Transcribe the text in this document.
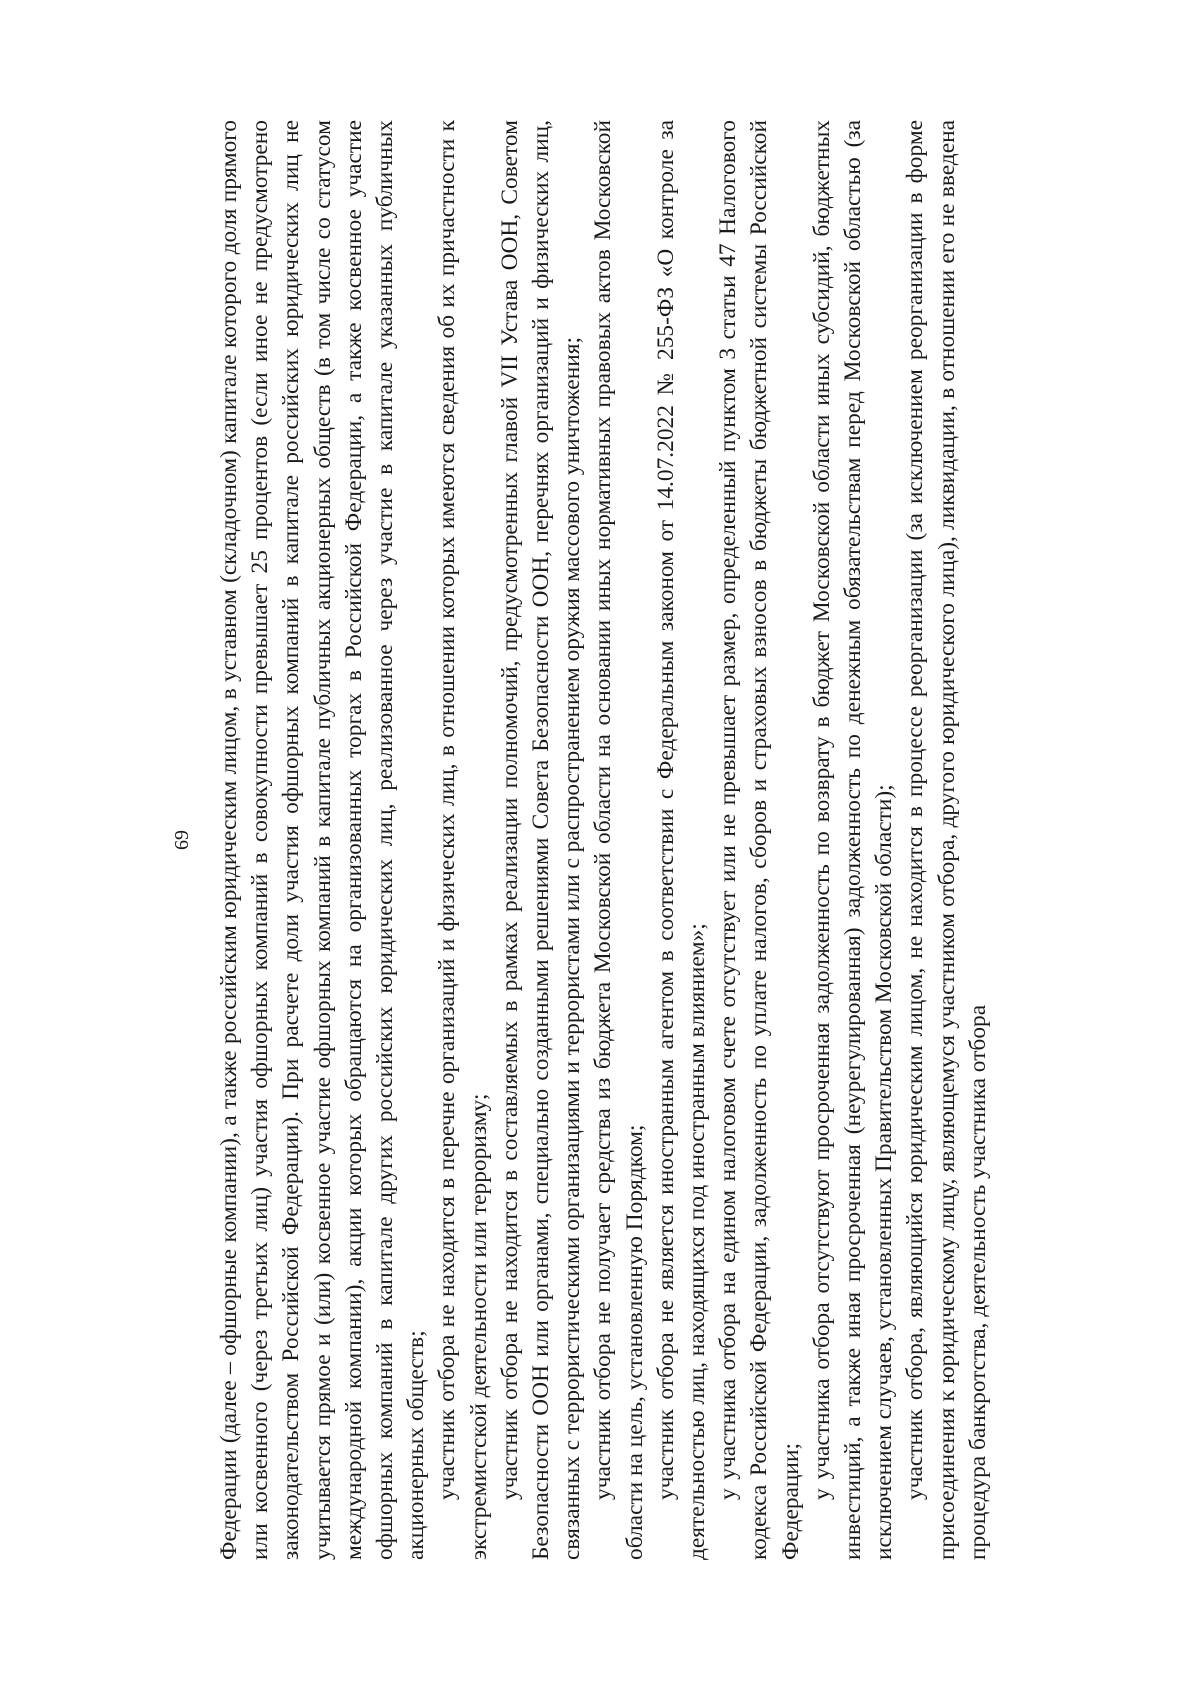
69 Федерации (далее – офшорные компании), а также российским юридическим лицом, в уставном (складочном) капитале которого доля прямого или косвенного (через третьих лиц) участия офшорных компаний в совокупности превышает 25 процентов (если иное не предусмотрено законодательством Российской Федерации). При расчете доли участия офшорных компаний в капитале российских юридических лиц не учитывается прямое и (или) косвенное участие офшорных компаний в капитале публичных акционерных обществ (в том числе со статусом международной компании), акции которых обращаются на организованных торгах в Российской Федерации, а также косвенное участие офшорных компаний в капитале других российских юридических лиц, реализованное через участие в капитале указанных публичных акционерных обществ; участник отбора не находится в перечне организаций и физических лиц, в отношении которых имеются сведения об их причастности к экстремистской деятельности или терроризму; участник отбора не находится в составляемых в рамках реализации полномочий, предусмотренных главой VII Устава ООН, Советом Безопасности ООН или органами, специально созданными решениями Совета Безопасности ООН, перечнях организаций и физических лиц, связанных с террористическими организациями и террористами или с распространением оружия массового уничтожения; участник отбора не получает средства из бюджета Московской области на основании иных нормативных правовых актов Московской области на цель, установленную Порядком; участник отбора не является иностранным агентом в соответствии с Федеральным законом от 14.07.2022 № 255-ФЗ «О контроле за деятельностью лиц, находящихся под иностранным влиянием»; у участника отбора на едином налоговом счете отсутствует или не превышает размер, определенный пунктом 3 статьи 47 Налогового кодекса Российской Федерации, задолженность по уплате налогов, сборов и страховых взносов в бюджеты бюджетной системы Российской Федерации;

у участника отбора отсутствуют просроченная задолженность по возврату в бюджет Московской области иных субсидий, бюджетных инвестиций, а также иная просроченная (неурегулированная) задолженность по денежным обязательствам перед Московской областью (за исключением случаев, установленных Правительством Московской области); участник отбора, являющийся юридическим лицом, не находится в процессе реорганизации (за исключением реорганизации в форме присоединения к юридическому лицу, являющемуся участником отбора, другого юридического лица), ликвидации, в отношении его не введена процедура банкротства, деятельность участника отбора
